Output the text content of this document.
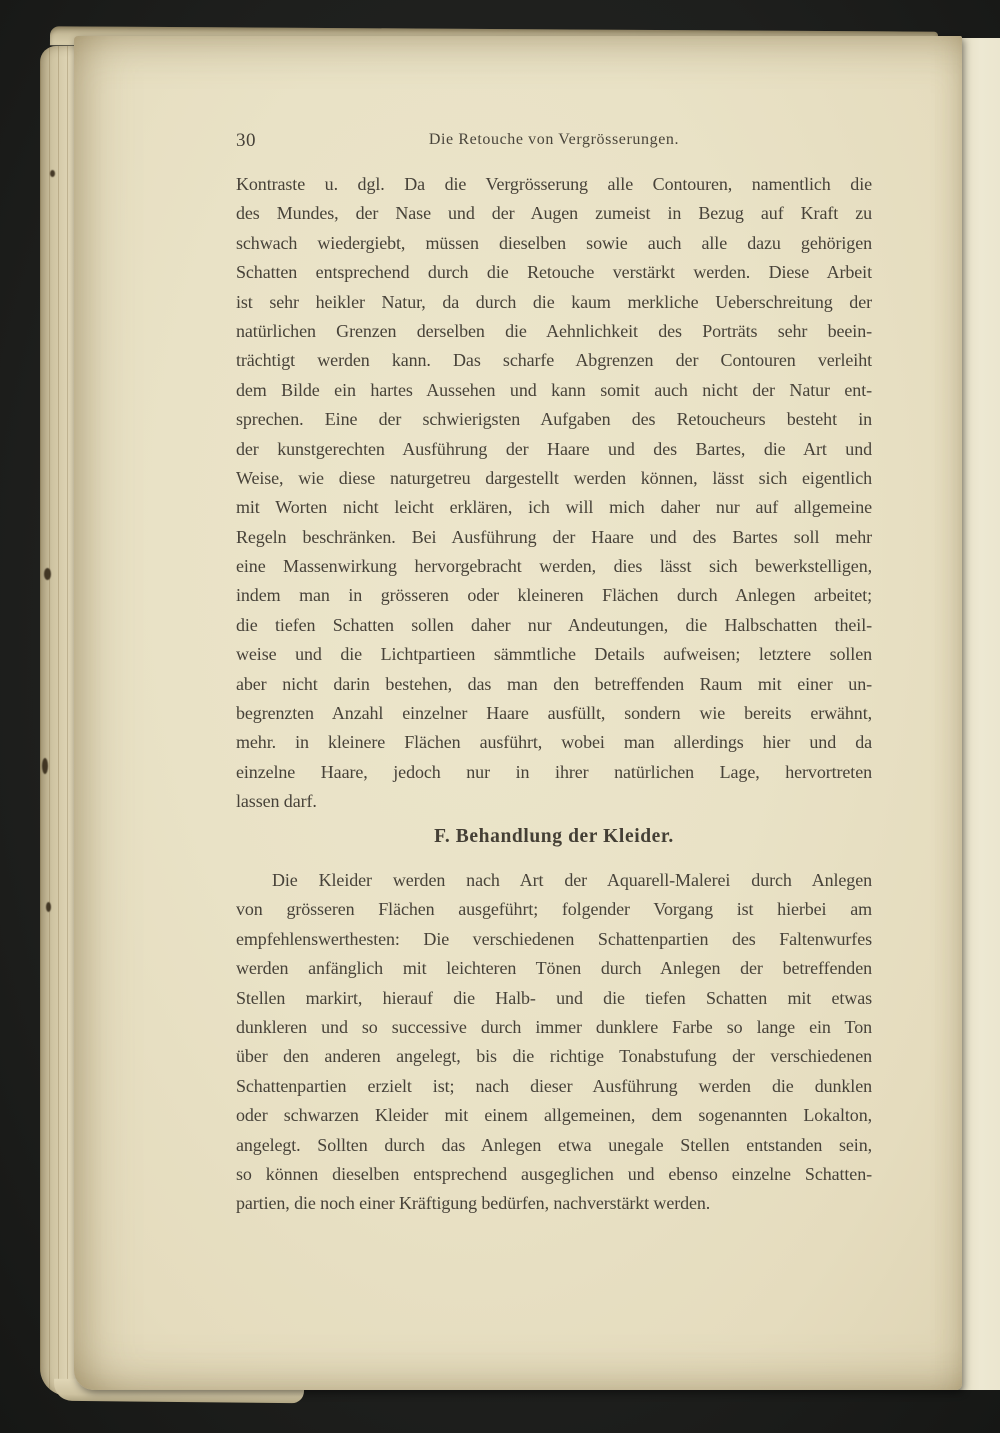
30	Die Retouche von Vergrösserungen.
Kontraste u. dgl. Da die Vergrösserung alle Contouren, namentlich die
des Mundes, der Nase und der Augen zumeist in Bezug auf Kraft zu
schwach wiedergiebt, müssen dieselben sowie auch alle dazu gehörigen
Schatten entsprechend durch die Retouche verstärkt werden. Diese Arbeit
ist sehr heikler Natur, da durch die kaum merkliche Ueberschreitung der
natürlichen Grenzen derselben die Aehnlichkeit des Porträts sehr beein-
trächtigt werden kann. Das scharfe Abgrenzen der Contouren verleiht
dem Bilde ein hartes Aussehen und kann somit auch nicht der Natur ent-
sprechen. Eine der schwierigsten Aufgaben des Retoucheurs besteht in
der kunstgerechten Ausführung der Haare und des Bartes, die Art und
Weise, wie diese naturgetreu dargestellt werden können, lässt sich eigentlich
mit Worten nicht leicht erklären, ich will mich daher nur auf allgemeine
Regeln beschränken. Bei Ausführung der Haare und des Bartes soll mehr
eine Massenwirkung hervorgebracht werden, dies lässt sich bewerkstelligen,
indem man in grösseren oder kleineren Flächen durch Anlegen arbeitet;
die tiefen Schatten sollen daher nur Andeutungen, die Halbschatten theil-
weise und die Lichtpartieen sämmtliche Details aufweisen; letztere sollen
aber nicht darin bestehen, das man den betreffenden Raum mit einer un-
begrenzten Anzahl einzelner Haare ausfüllt, sondern wie bereits erwähnt,
mehr. in kleinere Flächen ausführt, wobei man allerdings hier und da
einzelne Haare, jedoch nur in ihrer natürlichen Lage, hervortreten
lassen darf.
F. Behandlung der Kleider.
Die Kleider werden nach Art der Aquarell-Malerei durch Anlegen
von grösseren Flächen ausgeführt; folgender Vorgang ist hierbei am
empfehlenswerthesten: Die verschiedenen Schattenpartien des Faltenwurfes
werden anfänglich mit leichteren Tönen durch Anlegen der betreffenden
Stellen markirt, hierauf die Halb- und die tiefen Schatten mit etwas
dunkleren und so successive durch immer dunklere Farbe so lange ein Ton
über den anderen angelegt, bis die richtige Tonabstufung der verschiedenen
Schattenpartien erzielt ist; nach dieser Ausführung werden die dunklen
oder schwarzen Kleider mit einem allgemeinen, dem sogenannten Lokalton,
angelegt. Sollten durch das Anlegen etwa unegale Stellen entstanden sein,
so können dieselben entsprechend ausgeglichen und ebenso einzelne Schatten-
partien, die noch einer Kräftigung bedürfen, nachverstärkt werden.
